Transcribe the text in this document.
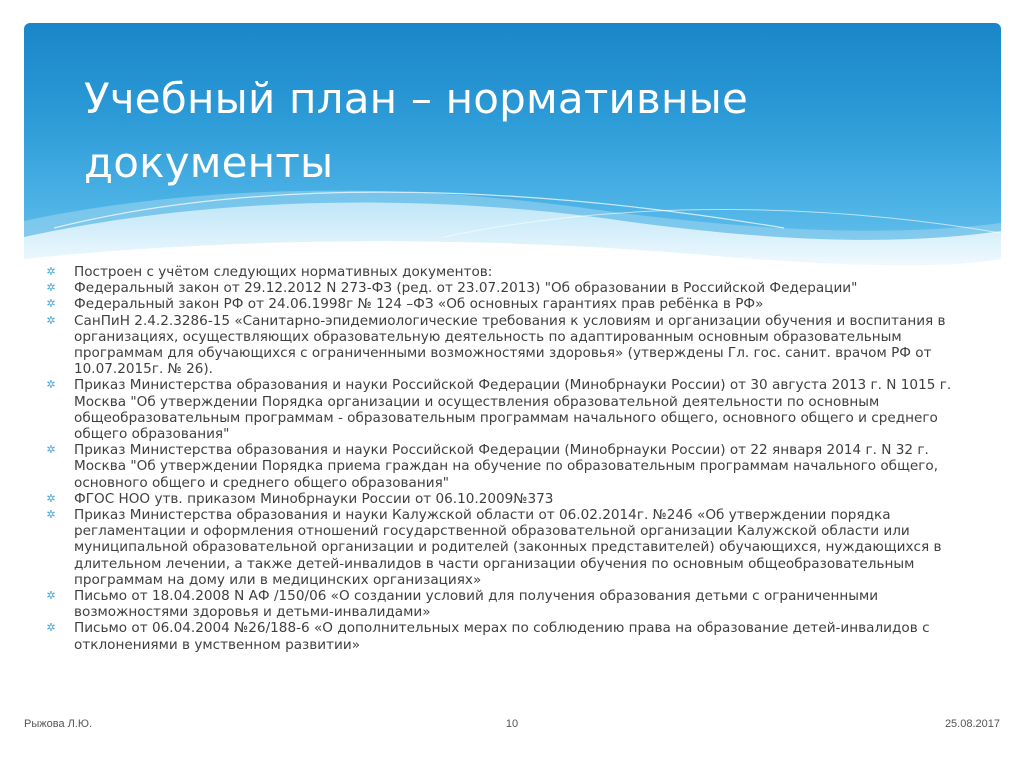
Учебный план – нормативные документы
✲ Построен с учётом следующих нормативных документов:
✲ Федеральный закон от 29.12.2012 N 273-ФЗ (ред. от 23.07.2013) "Об образовании в Российской Федерации"
✲ Федеральный закон РФ от 24.06.1998г № 124 –ФЗ «Об основных гарантиях прав ребёнка в РФ»
✲ СанПиН 2.4.2.3286-15 «Санитарно-эпидемиологические требования к условиям и организации обучения и воспитания в организациях, осуществляющих образовательную деятельность по адаптированным основным образовательным программам для обучающихся с ограниченными возможностями здоровья» (утверждены Гл. гос. санит. врачом РФ от 10.07.2015г. № 26).
✲ Приказ Министерства образования и науки Российской Федерации (Минобрнауки России) от 30 августа 2013 г. N 1015 г. Москва "Об утверждении Порядка организации и осуществления образовательной деятельности по основным общеобразовательным программам - образовательным программам начального общего, основного общего и среднего общего образования"
✲ Приказ Министерства образования и науки Российской Федерации (Минобрнауки России) от 22 января 2014 г. N 32 г. Москва "Об утверждении Порядка приема граждан на обучение по образовательным программам начального общего, основного общего и среднего общего образования"
✲ ФГОС НОО утв. приказом Минобрнауки России от 06.10.2009№373
✲ Приказ Министерства образования и науки Калужской области от 06.02.2014г. №246 «Об утверждении порядка регламентации и оформления отношений государственной образовательной организации Калужской области или муниципальной образовательной организации и родителей (законных представителей) обучающихся, нуждающихся в длительном лечении, а также детей-инвалидов в части организации обучения по основным общеобразовательным программам на дому или в медицинских организациях»
✲ Письмо от 18.04.2008 N АФ /150/06 «О создании условий для получения образования детьми с ограниченными возможностями здоровья и детьми-инвалидами»
✲ Письмо от 06.04.2004 №26/188-6 «О дополнительных мерах по соблюдению права на образование детей-инвалидов с отклонениями в умственном развитии»
Рыжова Л.Ю.	10	25.08.2017
